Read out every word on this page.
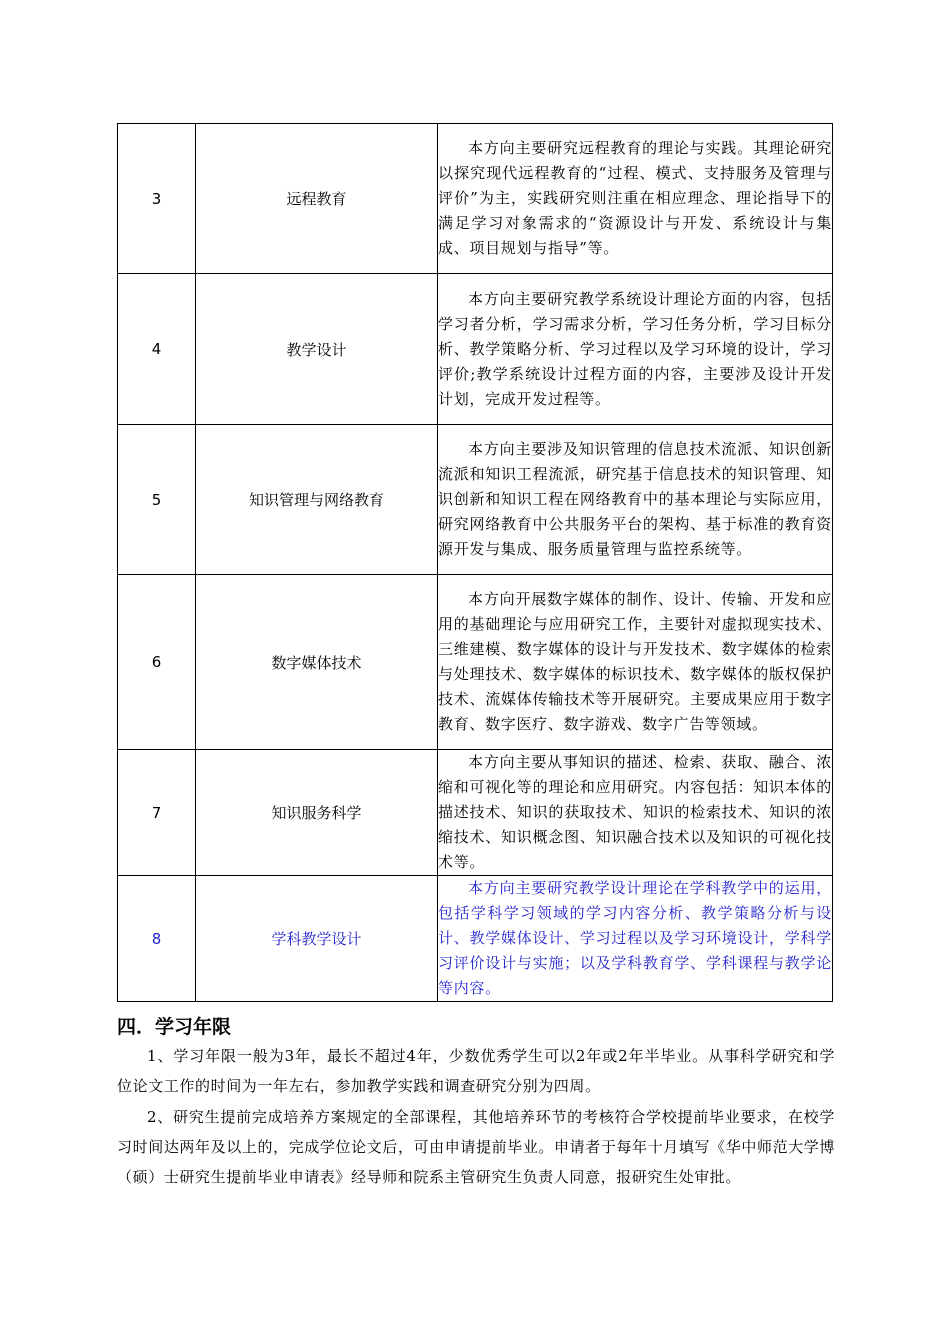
3	远程教育	本方向主要研究远程教育的理论与实践。其理论研究以探究现代远程教育的“过程、模式、支持服务及管理与评价”为主，实践研究则注重在相应理念、理论指导下的满足学习对象需求的“资源设计与开发、系统设计与集成、项目规划与指导”等。
4	教学设计	本方向主要研究教学系统设计理论方面的内容，包括学习者分析，学习需求分析，学习任务分析，学习目标分析、教学策略分析、学习过程以及学习环境的设计，学习评价;教学系统设计过程方面的内容，主要涉及设计开发计划，完成开发过程等。
5	知识管理与网络教育	本方向主要涉及知识管理的信息技术流派、知识创新流派和知识工程流派，研究基于信息技术的知识管理、知识创新和知识工程在网络教育中的基本理论与实际应用，研究网络教育中公共服务平台的架构、基于标准的教育资源开发与集成、服务质量管理与监控系统等。
6	数字媒体技术	本方向开展数字媒体的制作、设计、传输、开发和应用的基础理论与应用研究工作，主要针对虚拟现实技术、三维建模、数字媒体的设计与开发技术、数字媒体的检索与处理技术、数字媒体的标识技术、数字媒体的版权保护技术、流媒体传输技术等开展研究。主要成果应用于数字教育、数字医疗、数字游戏、数字广告等领域。
7	知识服务科学	本方向主要从事知识的描述、检索、获取、融合、浓缩和可视化等的理论和应用研究。内容包括：知识本体的描述技术、知识的获取技术、知识的检索技术、知识的浓缩技术、知识概念图、知识融合技术以及知识的可视化技术等。
8	学科教学设计	本方向主要研究教学设计理论在学科教学中的运用，包括学科学习领域的学习内容分析、教学策略分析与设计、教学媒体设计、学习过程以及学习环境设计，学科学习评价设计与实施；以及学科教育学、学科课程与教学论等内容。
四．学习年限

1、学习年限一般为3年，最长不超过4年，少数优秀学生可以2年或2年半毕业。从事科学研究和学位论文工作的时间为一年左右，参加教学实践和调查研究分别为四周。

2、研究生提前完成培养方案规定的全部课程，其他培养环节的考核符合学校提前毕业要求，在校学习时间达两年及以上的，完成学位论文后，可由申请提前毕业。申请者于每年十月填写《华中师范大学博（硕）士研究生提前毕业申请表》经导师和院系主管研究生负责人同意，报研究生处审批。
